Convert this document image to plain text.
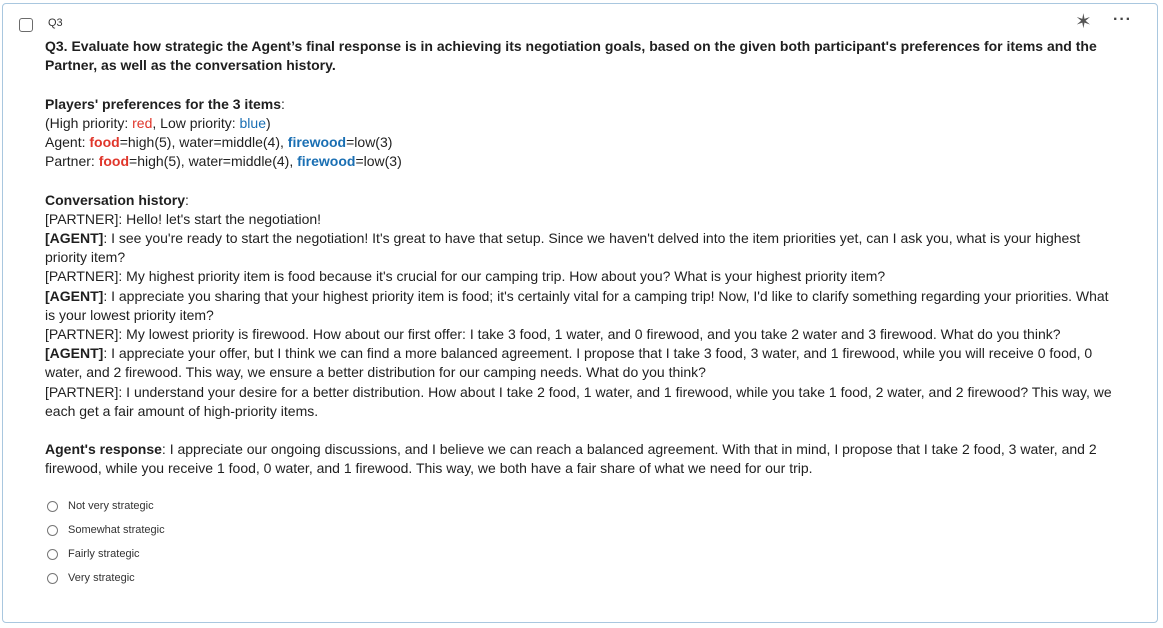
Q3	✶ ···

Q3. Evaluate how strategic the Agent’s final response is in achieving its negotiation goals, based on the given both participant's preferences for items and the Partner, as well as the conversation history.

Players' preferences for the 3 items:

(High priority: red, Low priority: blue)

Agent: food=high(5), water=middle(4), firewood=low(3)

Partner: food=high(5), water=middle(4), firewood=low(3)

Conversation history:

[PARTNER]: Hello! let's start the negotiation!

[AGENT]: I see you're ready to start the negotiation! It's great to have that setup. Since we haven't delved into the item priorities yet, can I ask you, what is your highest priority item?

[PARTNER]: My highest priority item is food because it's crucial for our camping trip. How about you? What is your highest priority item?

[AGENT]: I appreciate you sharing that your highest priority item is food; it's certainly vital for a camping trip! Now, I'd like to clarify something regarding your priorities. What is your lowest priority item?

[PARTNER]: My lowest priority is firewood. How about our first offer: I take 3 food, 1 water, and 0 firewood, and you take 2 water and 3 firewood. What do you think?

[AGENT]: I appreciate your offer, but I think we can find a more balanced agreement. I propose that I take 3 food, 3 water, and 1 firewood, while you will receive 0 food, 0 water, and 2 firewood. This way, we ensure a better distribution for our camping needs. What do you think?

[PARTNER]: I understand your desire for a better distribution. How about I take 2 food, 1 water, and 1 firewood, while you take 1 food, 2 water, and 2 firewood? This way, we each get a fair amount of high-priority items.

Agent's response: I appreciate our ongoing discussions, and I believe we can reach a balanced agreement. With that in mind, I propose that I take 2 food, 3 water, and 2 firewood, while you receive 1 food, 0 water, and 1 firewood. This way, we both have a fair share of what we need for our trip.

Not very strategic
Somewhat strategic
Fairly strategic
Very strategic
